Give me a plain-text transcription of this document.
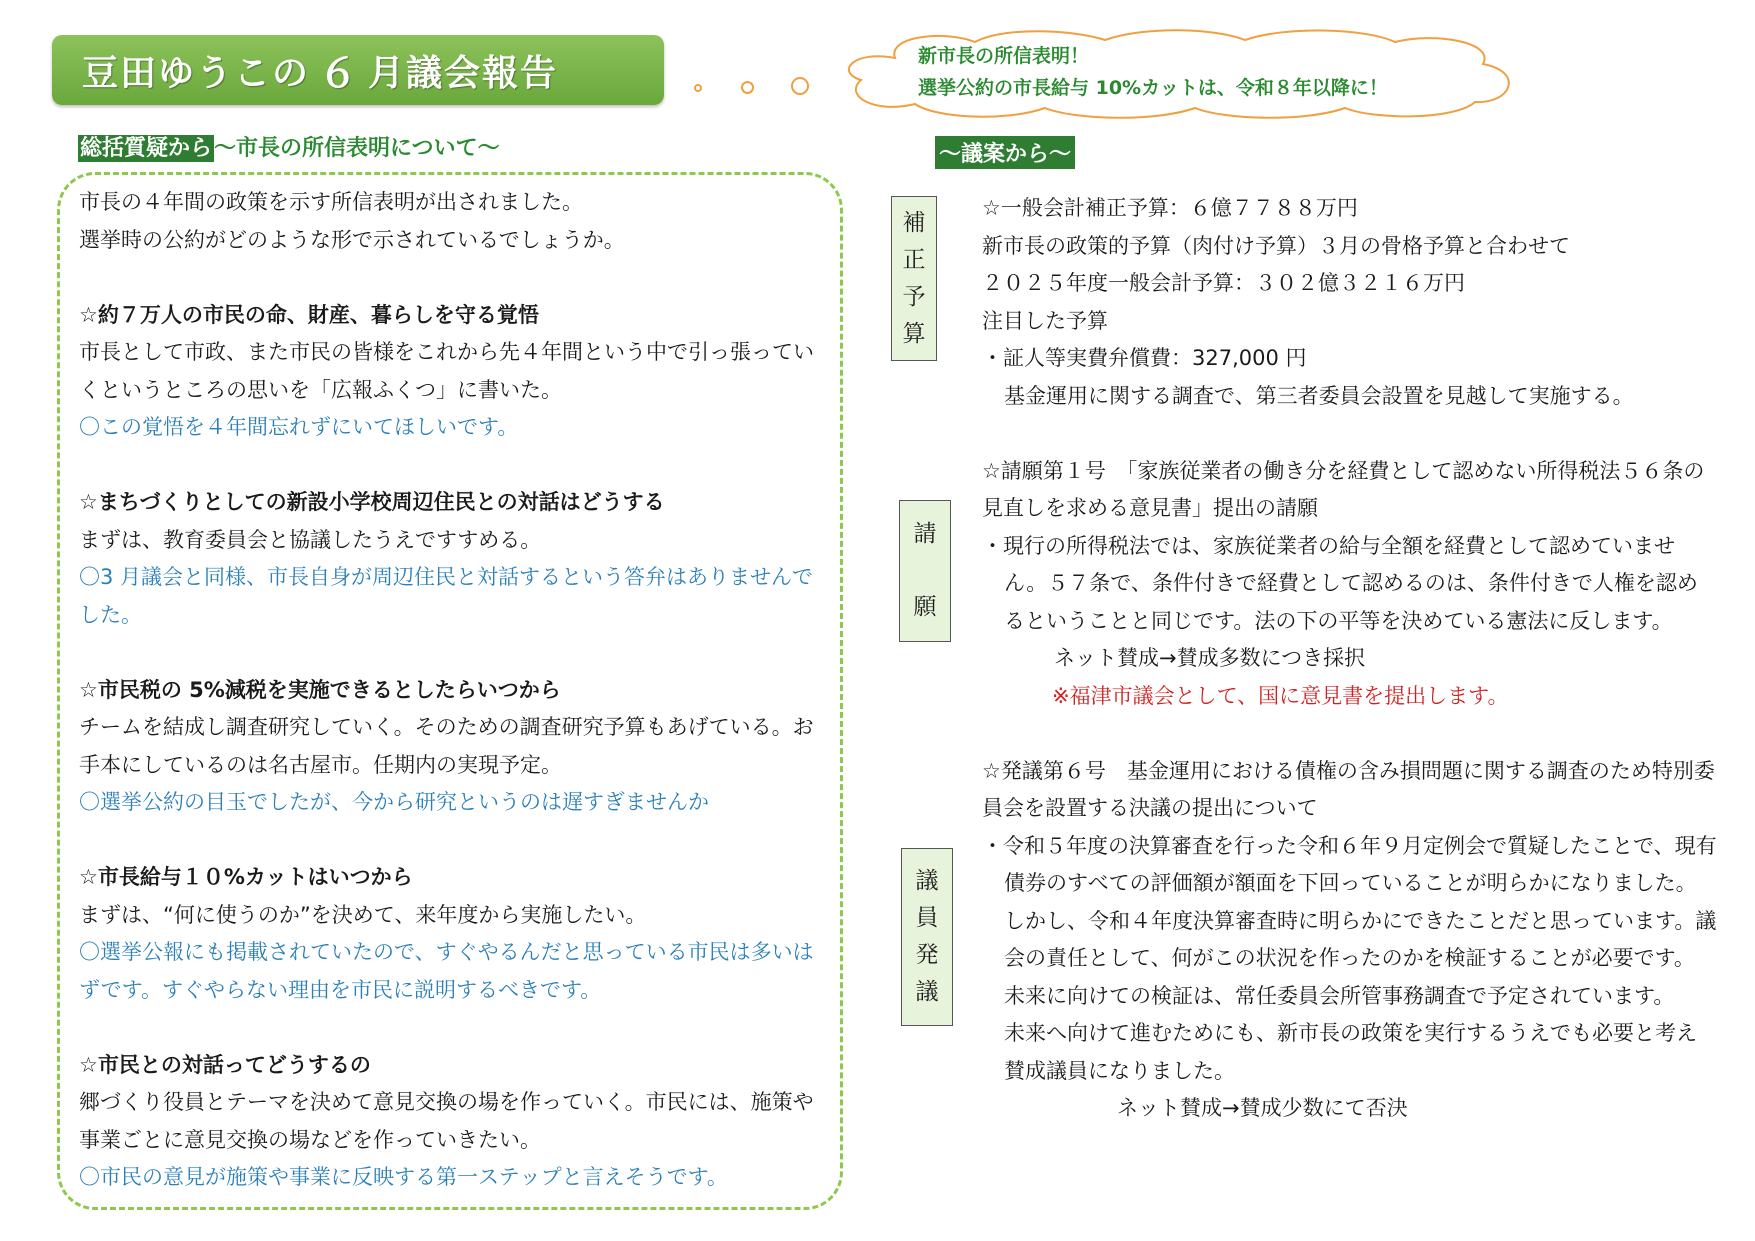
豆田ゆうこの ６ 月議会報告	新市長の所信表明！
選挙公約の市長給与 10%カットは、令和８年以降に！
総括質疑から～市長の所信表明について～	～議案から～

市長の４年間の政策を示す所信表明が出されました。

選挙時の公約がどのような形で示されているでしょうか。

☆約７万人の市民の命、財産、暮らしを守る覚悟

市長として市政、また市民の皆様をこれから先４年間という中で引っ張っていくというところの思いを「広報ふくつ」に書いた。

〇この覚悟を４年間忘れずにいてほしいです。

☆まちづくりとしての新設小学校周辺住民との対話はどうする

まずは、教育委員会と協議したうえですすめる。

〇3 月議会と同様、市長自身が周辺住民と対話するという答弁はありませんでした。

☆市民税の 5%減税を実施できるとしたらいつから

チームを結成し調査研究していく。そのための調査研究予算もあげている。お手本にしているのは名古屋市。任期内の実現予定。

〇選挙公約の目玉でしたが、今から研究というのは遅すぎませんか

☆市長給与１０%カットはいつから

まずは、“何に使うのか”を決めて、来年度から実施したい。

〇選挙公報にも掲載されていたので、すぐやるんだと思っている市民は多いはずです。すぐやらない理由を市民に説明するべきです。

☆市民との対話ってどうするの

郷づくり役員とテーマを決めて意見交換の場を作っていく。市民には、施策や事業ごとに意見交換の場などを作っていきたい。

〇市民の意見が施策や事業に反映する第一ステップと言えそうです。

補
正
予
算
請
願
議
員
発
議

☆一般会計補正予算：６億７７８８万円

新市長の政策的予算（肉付け予算）３月の骨格予算と合わせて

２０２５年度一般会計予算：３０２億３２１６万円

注目した予算

・証人等実費弁償費：327,000 円

基金運用に関する調査で、第三者委員会設置を見越して実施する。

☆請願第１号　「家族従業者の働き分を経費として認めない所得税法５６条の見直しを求める意見書」提出の請願

・現行の所得税法では、家族従業者の給与全額を経費として認めていません。５７条で、条件付きで経費として認めるのは、条件付きで人権を認めるということと同じです。法の下の平等を決めている憲法に反します。ネット賛成→賛成多数につき採択

※福津市議会として、国に意見書を提出します。

☆発議第６号　基金運用における債権の含み損問題に関する調査のため特別委員会を設置する決議の提出について

・令和５年度の決算審査を行った令和６年９月定例会で質疑したことで、現有債券のすべての評価額が額面を下回っていることが明らかになりました。しかし、令和４年度決算審査時に明らかにできたことだと思っています。議会の責任として、何がこの状況を作ったのかを検証することが必要です。

未来に向けての検証は、常任委員会所管事務調査で予定されています。

未来へ向けて進むためにも、新市長の政策を実行するうえでも必要と考え賛成議員になりました。

ネット賛成→賛成少数にて否決
